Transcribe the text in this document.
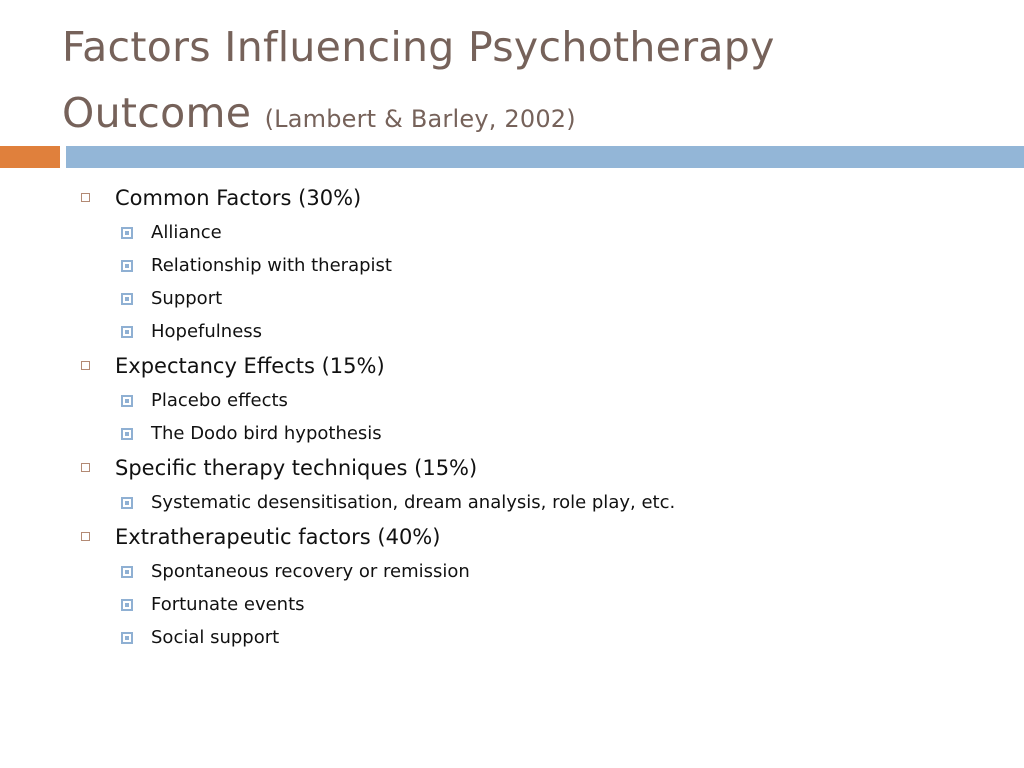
Factors Influencing Psychotherapy
Outcome (Lambert & Barley, 2002)
Common Factors (30%)
Alliance
Relationship with therapist
Support
Hopefulness
Expectancy Effects (15%)
Placebo effects
The Dodo bird hypothesis
Specific therapy techniques (15%)
Systematic desensitisation, dream analysis, role play, etc.
Extratherapeutic factors (40%)
Spontaneous recovery or remission
Fortunate events
Social support
